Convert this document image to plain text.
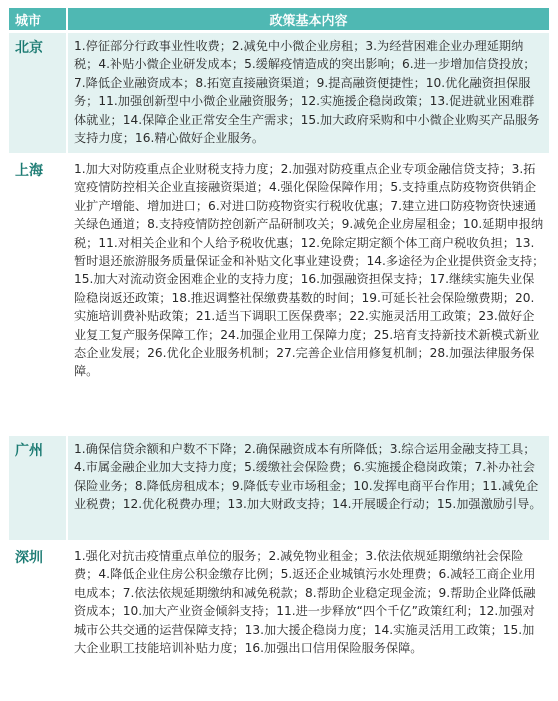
城市	政策基本内容
北京	1.停征部分行政事业性收费；2.减免中小微企业房租；3.为经营困难企业办理延期纳税；4.补贴小微企业研发成本；5.缓解疫情造成的突出影响；6.进一步增加信贷投放；7.降低企业融资成本；8.拓宽直接融资渠道；9.提高融资便捷性；10.优化融资担保服务；11.加强创新型中小微企业融资服务；12.实施援企稳岗政策；13.促进就业困难群体就业；14.保障企业正常安全生产需求；15.加大政府采购和中小微企业购买产品服务支持力度；16.精心做好企业服务。
上海	1.加大对防疫重点企业财税支持力度；2.加强对防疫重点企业专项金融信贷支持；3.拓宽疫情防控相关企业直接融资渠道；4.强化保险保障作用；5.支持重点防疫物资供销企业扩产增能、增加进口；6.对进口防疫物资实行税收优惠；7.建立进口防疫物资快速通关绿色通道；8.支持疫情防控创新产品研制攻关；9.减免企业房屋租金；10.延期申报纳税；11.对相关企业和个人给予税收优惠；12.免除定期定额个体工商户税收负担；13.暂时退还旅游服务质量保证金和补贴文化事业建设费；14.多途径为企业提供资金支持；15.加大对流动资金困难企业的支持力度；16.加强融资担保支持；17.继续实施失业保险稳岗返还政策；18.推迟调整社保缴费基数的时间；19.可延长社会保险缴费期；20.实施培训费补贴政策；21.适当下调职工医保费率；22.实施灵活用工政策；23.做好企业复工复产服务保障工作；24.加强企业用工保障力度；25.培育支持新技术新模式新业态企业发展；26.优化企业服务机制；27.完善企业信用修复机制；28.加强法律服务保障。
广州	1.确保信贷余额和户数不下降；2.确保融资成本有所降低；3.综合运用金融支持工具；4.市属金融企业加大支持力度；5.缓缴社会保险费；6.实施援企稳岗政策；7.补办社会保险业务；8.降低房租成本；9.降低专业市场租金；10.发挥电商平台作用；11.减免企业税费；12.优化税费办理；13.加大财政支持；14.开展暖企行动；15.加强激励引导。
深圳	1.强化对抗击疫情重点单位的服务；2.减免物业租金；3.依法依规延期缴纳社会保险费；4.降低企业住房公积金缴存比例；5.返还企业城镇污水处理费；6.减轻工商企业用电成本；7.依法依规延期缴纳和减免税款；8.帮助企业稳定现金流；9.帮助企业降低融资成本；10.加大产业资金倾斜支持；11.进一步释放“四个千亿”政策红利；12.加强对城市公共交通的运营保障支持；13.加大援企稳岗力度；14.实施灵活用工政策；15.加大企业职工技能培训补贴力度；16.加强出口信用保险服务保障。
